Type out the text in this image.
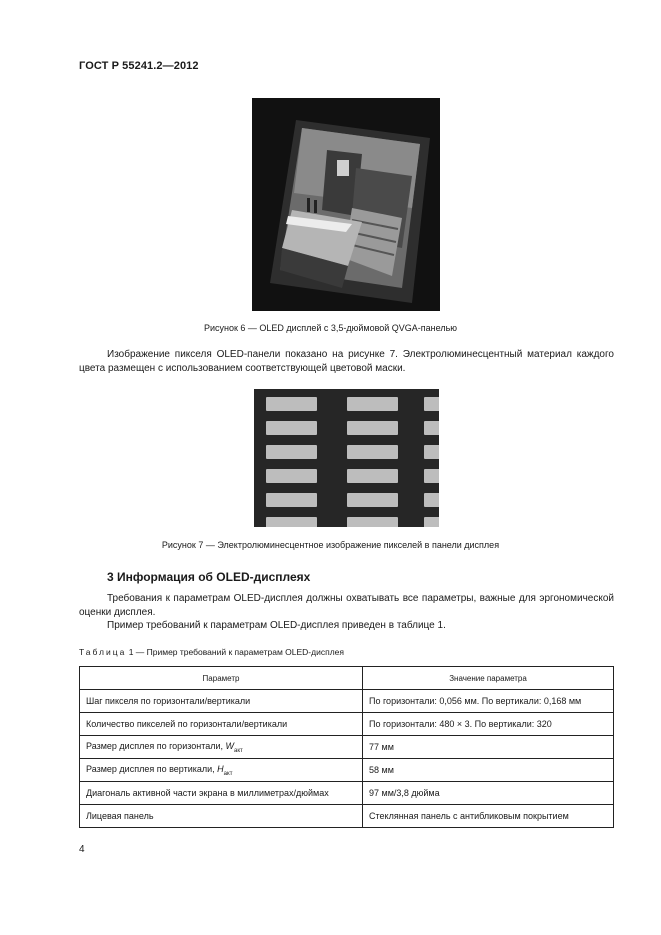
ГОСТ Р 55241.2—2012
Рисунок 6 — OLED дисплей с 3,5-дюймовой QVGA-панелью
Изображение пикселя OLED-панели показано на рисунке 7. Электролюминесцентный материал каждого цвета размещен с использованием соответствующей цветовой маски.
Рисунок 7 — Электролюминесцентное изображение пикселей в панели дисплея
3 Информация об OLED-дисплеях
Требования к параметрам OLED-дисплея должны охватывать все параметры, важные для эргономической оценки дисплея.
Пример требований к параметрам OLED-дисплея приведен в таблице 1.
Таблица 1 — Пример требований к параметрам OLED-дисплея
Параметр	Значение параметра
Шаг пикселя по горизонтали/вертикали	По горизонтали: 0,056 мм. По вертикали: 0,168 мм
Количество пикселей по горизонтали/вертикали	По горизонтали: 480 × 3. По вертикали: 320
Размер дисплея по горизонтали, $W_{акт}$	77 мм
Размер дисплея по вертикали, $H_{акт}$	58 мм
Диагональ активной части экрана в миллиметрах/дюймах	97 мм/3,8 дюйма
Лицевая панель	Стеклянная панель с антибликовым покрытием
4
